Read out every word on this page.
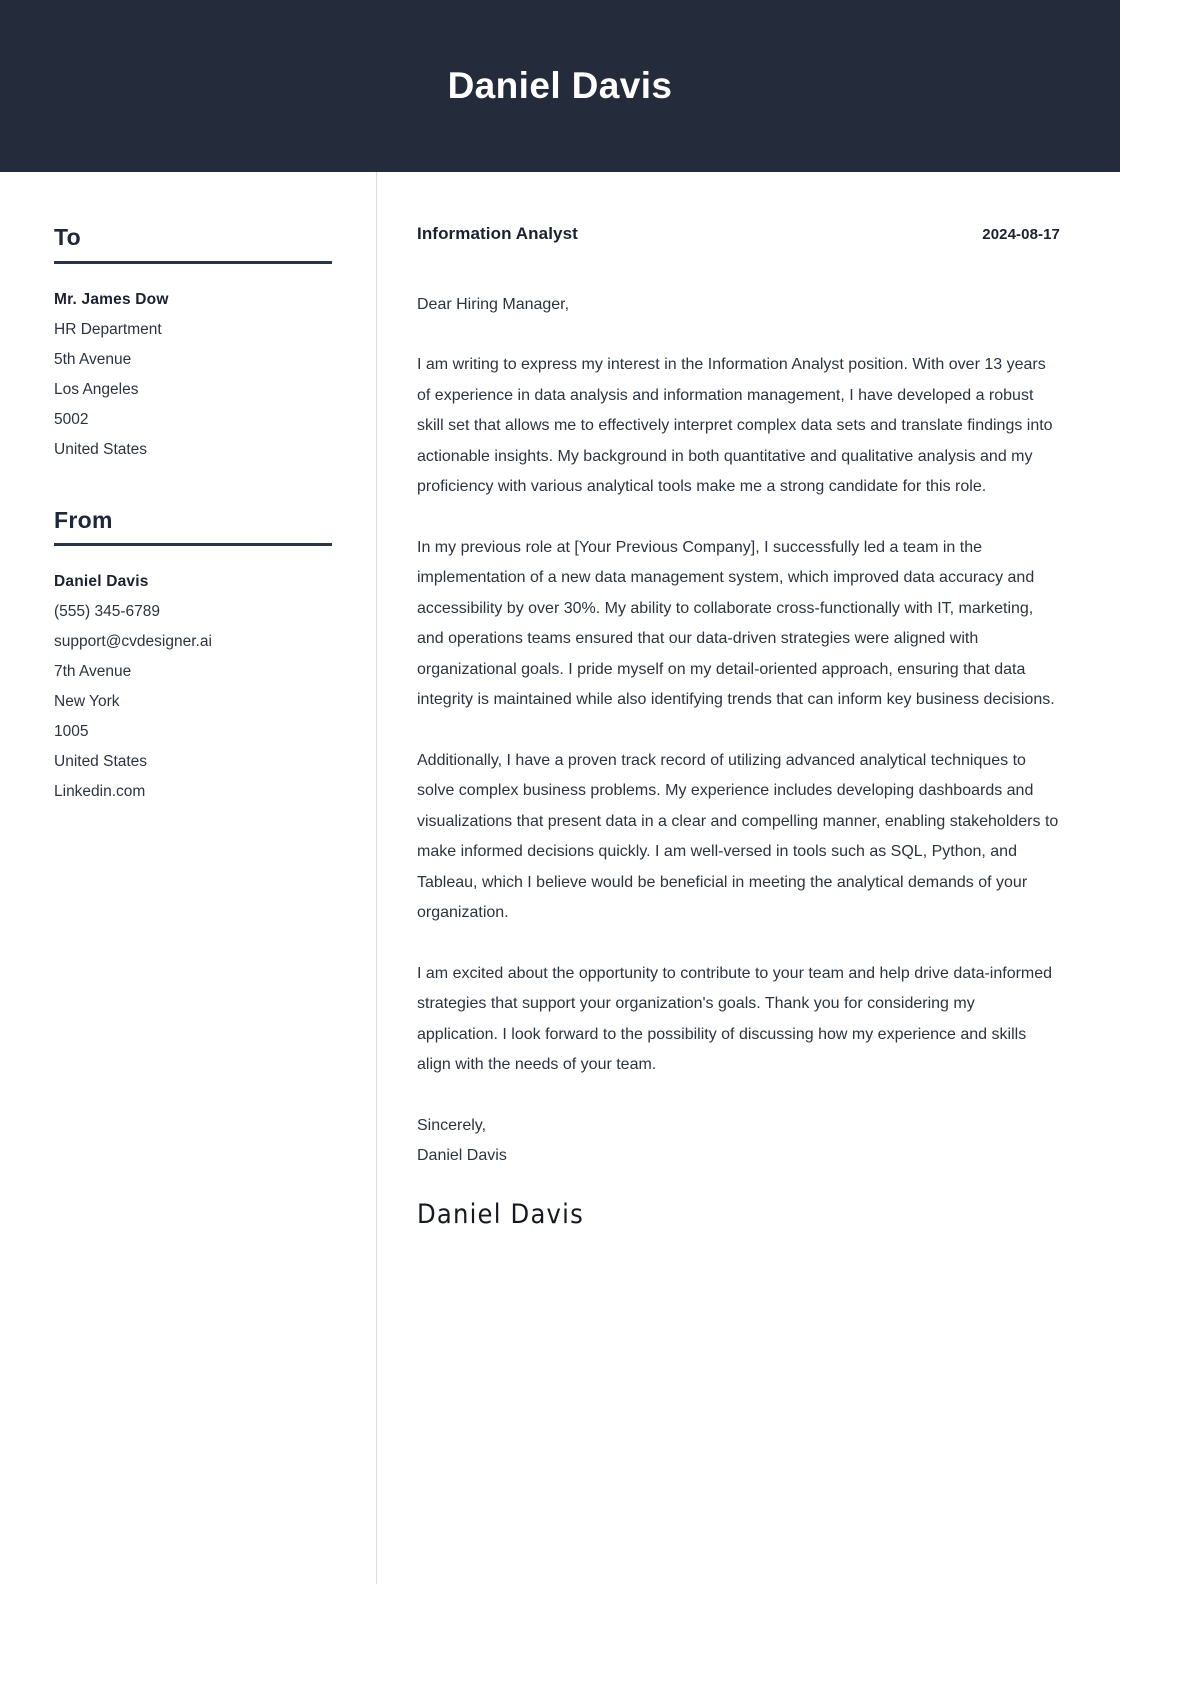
Daniel Davis
To
Mr. James Dow
HR Department
5th Avenue
Los Angeles
5002
United States
From
Daniel Davis
(555) 345-6789
support@cvdesigner.ai
7th Avenue
New York
1005
United States
Linkedin.com
Information Analyst	2024-08-17

Dear Hiring Manager,

I am writing to express my interest in the Information Analyst position. With over 13 years of experience in data analysis and information management, I have developed a robust skill set that allows me to effectively interpret complex data sets and translate findings into actionable insights. My background in both quantitative and qualitative analysis and my proficiency with various analytical tools make me a strong candidate for this role.

In my previous role at [Your Previous Company], I successfully led a team in the implementation of a new data management system, which improved data accuracy and accessibility by over 30%. My ability to collaborate cross-functionally with IT, marketing, and operations teams ensured that our data-driven strategies were aligned with organizational goals. I pride myself on my detail-oriented approach, ensuring that data integrity is maintained while also identifying trends that can inform key business decisions.

Additionally, I have a proven track record of utilizing advanced analytical techniques to solve complex business problems. My experience includes developing dashboards and visualizations that present data in a clear and compelling manner, enabling stakeholders to make informed decisions quickly. I am well-versed in tools such as SQL, Python, and Tableau, which I believe would be beneficial in meeting the analytical demands of your organization.

I am excited about the opportunity to contribute to your team and help drive data-informed strategies that support your organization's goals. Thank you for considering my application. I look forward to the possibility of discussing how my experience and skills align with the needs of your team.

Sincerely,
Daniel Davis
Daniel Davis
